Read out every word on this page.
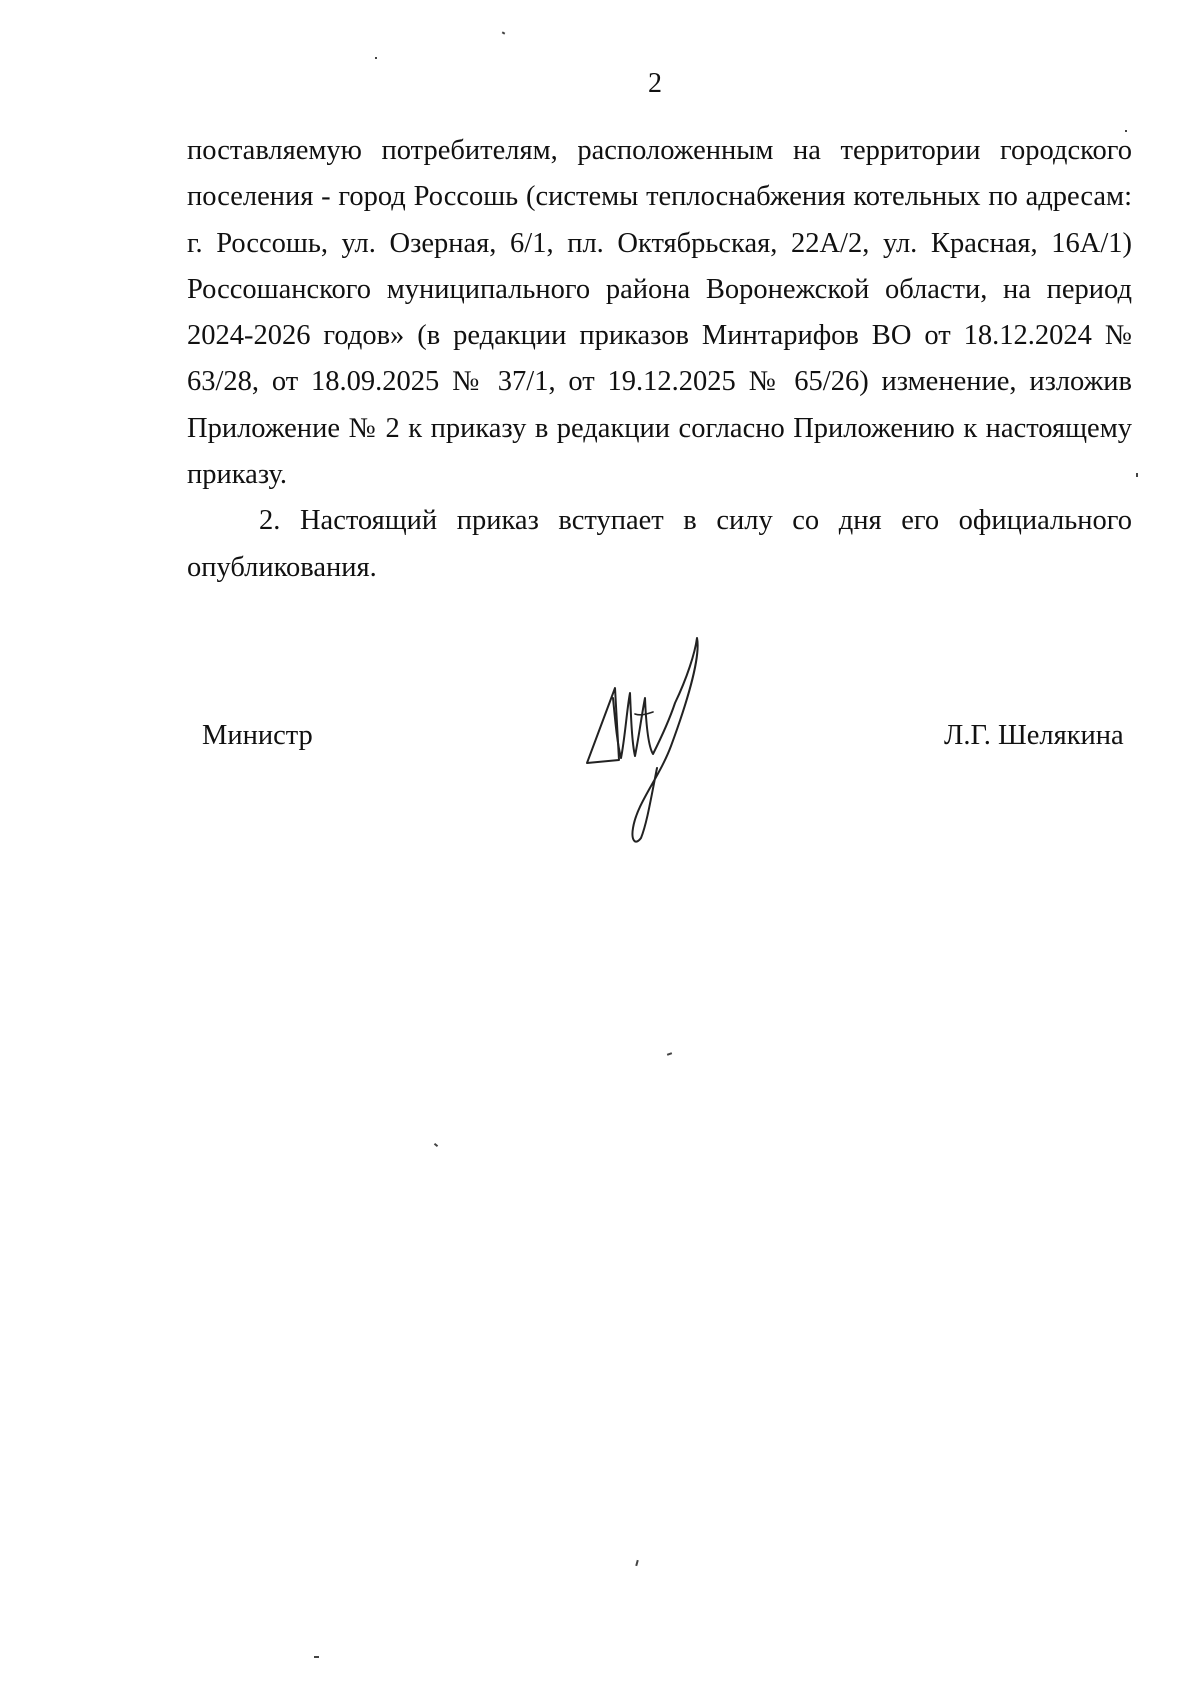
2

поставляемую потребителям, расположенным на территории городского поселения - город Россошь (системы теплоснабжения котельных по адресам: г. Россошь, ул. Озерная, 6/1, пл. Октябрьская, 22А/2, ул. Красная, 16А/1) Россошанского муниципального района Воронежской области, на период 2024-2026 годов» (в редакции приказов Минтарифов ВО от 18.12.2024 № 63/28, от 18.09.2025 № 37/1, от 19.12.2025 № 65/26) изменение, изложив Приложение № 2 к приказу в редакции согласно Приложению к настоящему приказу.

2. Настоящий приказ вступает в силу со дня его официального опубликования.

Министр	Л.Г. Шелякина
